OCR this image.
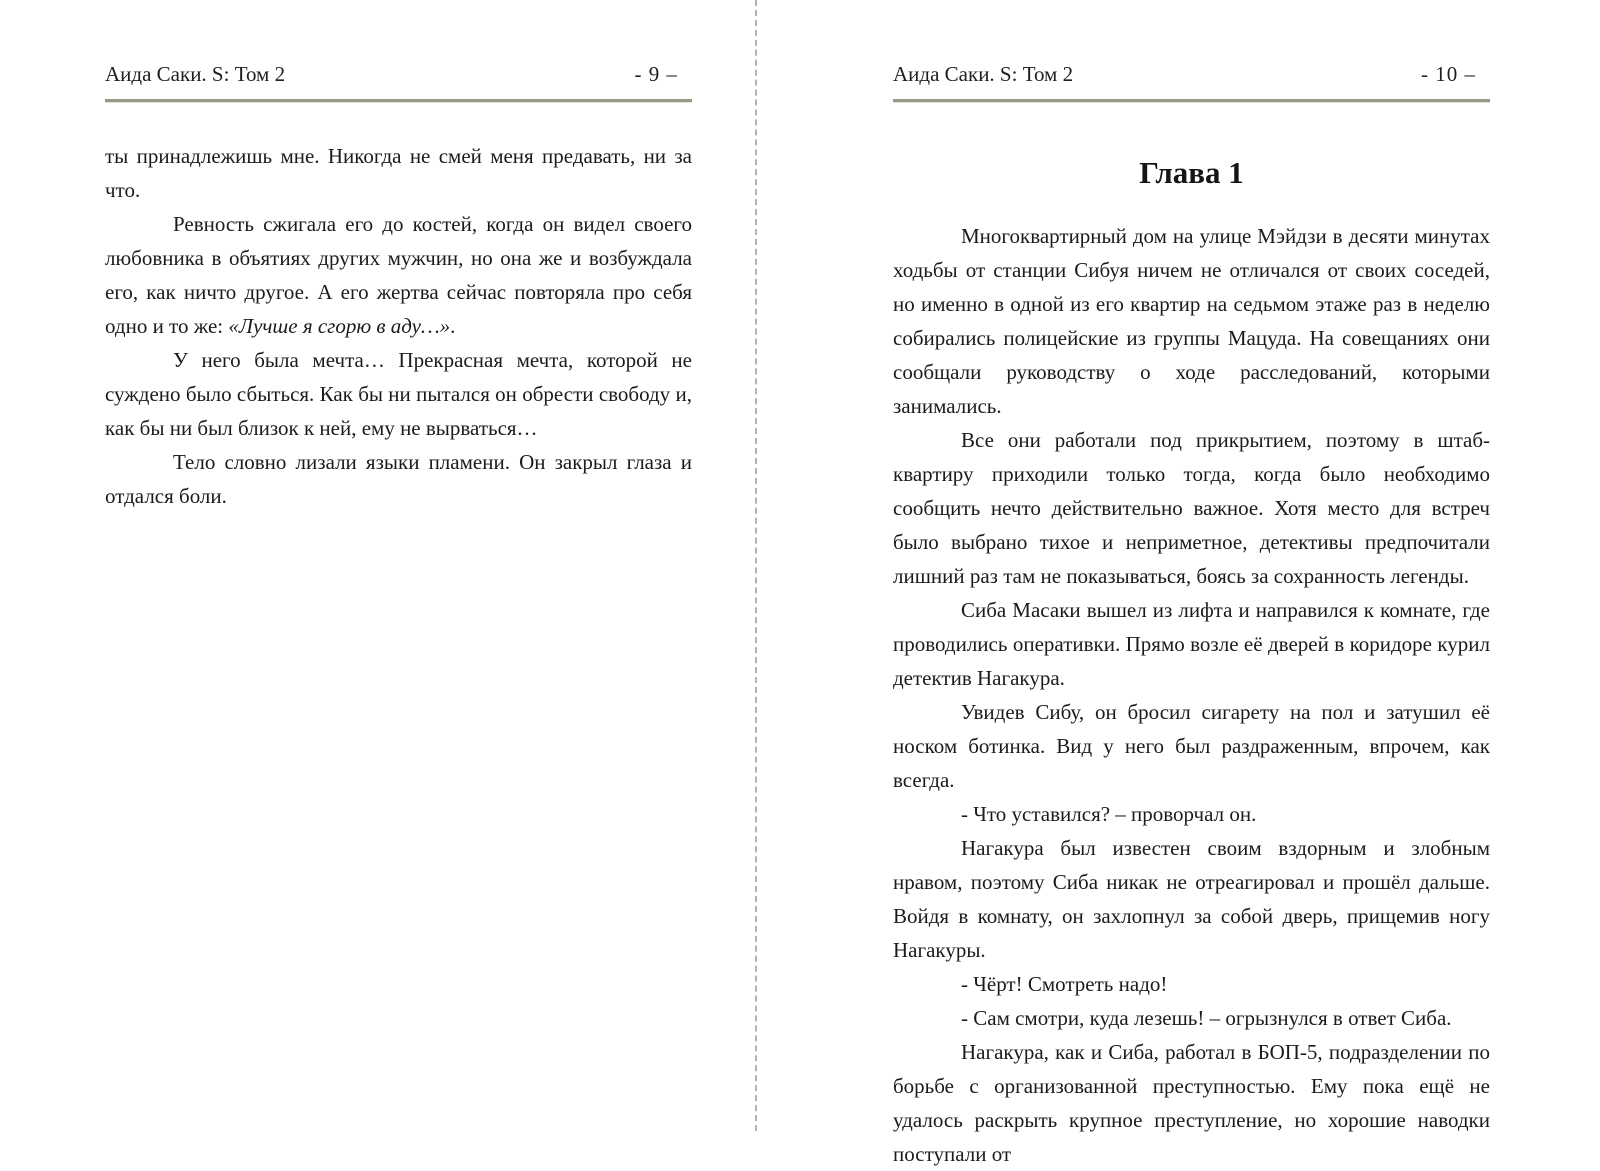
Аида Саки. S: Том 2	- 9 –

ты принадлежишь мне. Никогда не смей меня предавать, ни за что.

Ревность сжигала его до костей, когда он видел своего любовника в объятиях других мужчин, но она же и возбуждала его, как ничто другое. А его жертва сейчас повторяла про себя одно и то же: «Лучше я сгорю в аду…».

У него была мечта… Прекрасная мечта, которой не суждено было сбыться. Как бы ни пытался он обрести свободу и, как бы ни был близок к ней, ему не вырваться…

Тело словно лизали языки пламени. Он закрыл глаза и отдался боли.

Аида Саки. S: Том 2	- 10 –
Глава 1

Многоквартирный дом на улице Мэйдзи в десяти минутах ходьбы от станции Сибуя ничем не отличался от своих соседей, но именно в одной из его квартир на седьмом этаже раз в неделю собирались полицейские из группы Мацуда. На совещаниях они сообщали руководству о ходе расследований, которыми занимались.

Все они работали под прикрытием, поэтому в штаб-квартиру приходили только тогда, когда было необходимо сообщить нечто действительно важное. Хотя место для встреч было выбрано тихое и неприметное, детективы предпочитали лишний раз там не показываться, боясь за сохранность легенды.

Сиба Масаки вышел из лифта и направился к комнате, где проводились оперативки. Прямо возле её дверей в коридоре курил детектив Нагакура.

Увидев Сибу, он бросил сигарету на пол и затушил её носком ботинка. Вид у него был раздраженным, впрочем, как всегда.

- Что уставился? – проворчал он.

Нагакура был известен своим вздорным и злобным нравом, поэтому Сиба никак не отреагировал и прошёл дальше. Войдя в комнату, он захлопнул за собой дверь, прищемив ногу Нагакуры.

- Чёрт! Смотреть надо!

- Сам смотри, куда лезешь! – огрызнулся в ответ Сиба.

Нагакура, как и Сиба, работал в БОП-5, подразделении по борьбе с организованной преступностью. Ему пока ещё не удалось раскрыть крупное преступление, но хорошие наводки поступали от
